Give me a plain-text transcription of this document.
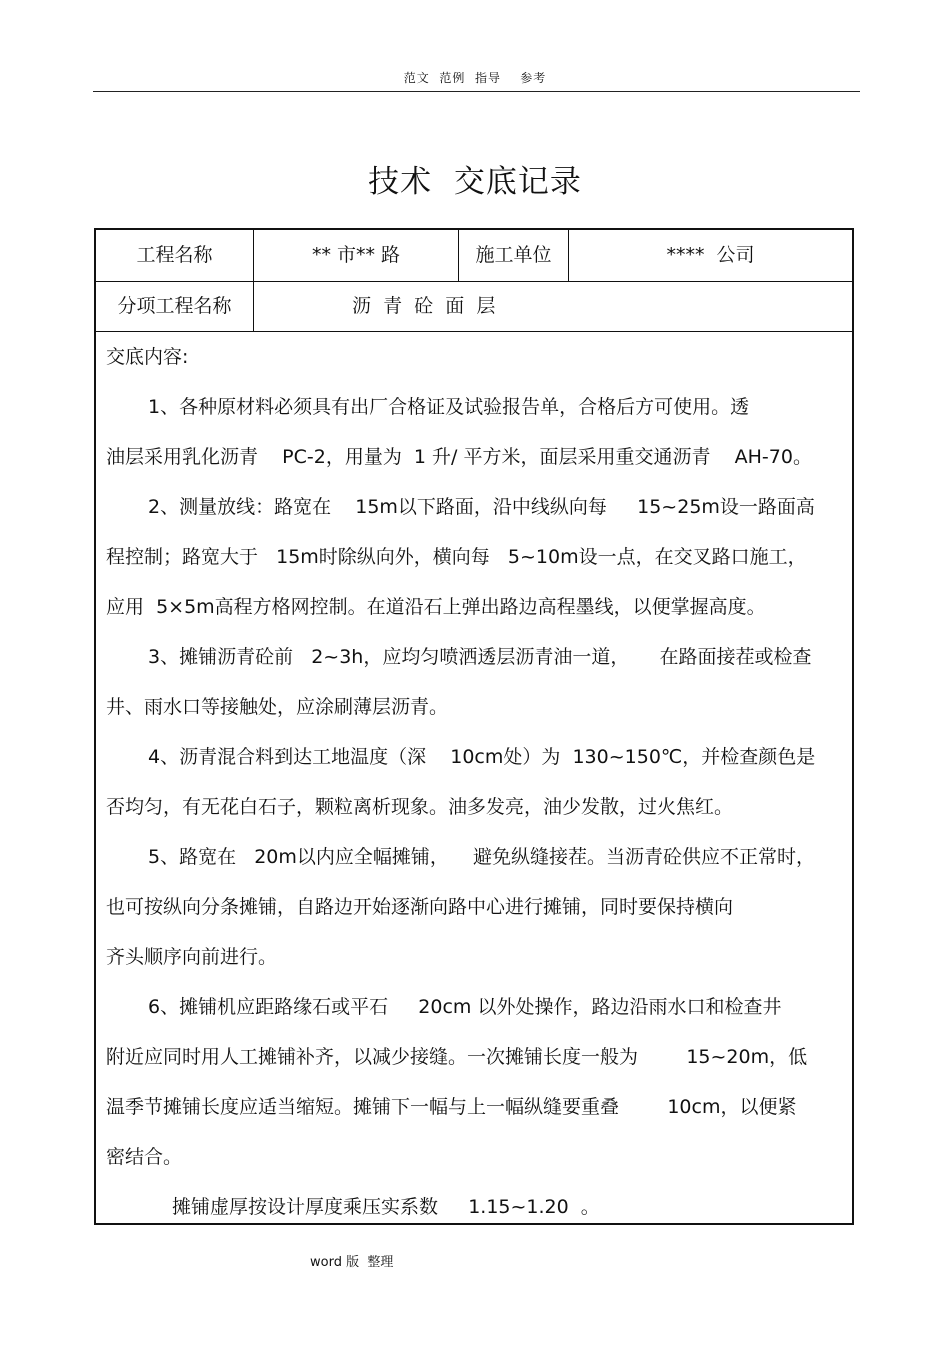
范文  范例  指导    参考
技术  交底记录
工程名称	** 市** 路	施工单位	****  公司
分项工程名称	沥  青  砼  面  层
交底内容:
1、各种原材料必须具有出厂合格证及试验报告单，合格后方可使用。透
油层采用乳化沥青    PC-2，用量为  1 升/ 平方米，面层采用重交通沥青    AH-70。
2、测量放线：路宽在    15m以下路面，沿中线纵向每     15~25m设一路面高
程控制；路宽大于   15m时除纵向外，横向每   5~10m设一点，在交叉路口施工，
应用  5×5m高程方格网控制。在道沿石上弹出路边高程墨线，以便掌握高度。
3、摊铺沥青砼前   2~3h，应均匀喷洒透层沥青油一道，     在路面接茬或检查
井、雨水口等接触处，应涂刷薄层沥青。
4、沥青混合料到达工地温度（深    10cm处）为  130~150℃，并检查颜色是
否均匀，有无花白石子，颗粒离析现象。油多发亮，油少发散，过火焦红。
5、路宽在   20m以内应全幅摊铺，    避免纵缝接茬。当沥青砼供应不正常时，
也可按纵向分条摊铺，自路边开始逐渐向路中心进行摊铺，同时要保持横向
齐头顺序向前进行。
6、摊铺机应距路缘石或平石     20cm 以外处操作，路边沿雨水口和检查井
附近应同时用人工摊铺补齐，以减少接缝。一次摊铺长度一般为        15~20m，低
温季节摊铺长度应适当缩短。摊铺下一幅与上一幅纵缝要重叠        10cm，以便紧
密结合。
摊铺虚厚按设计厚度乘压实系数     1.15~1.20  。
word 版  整理
